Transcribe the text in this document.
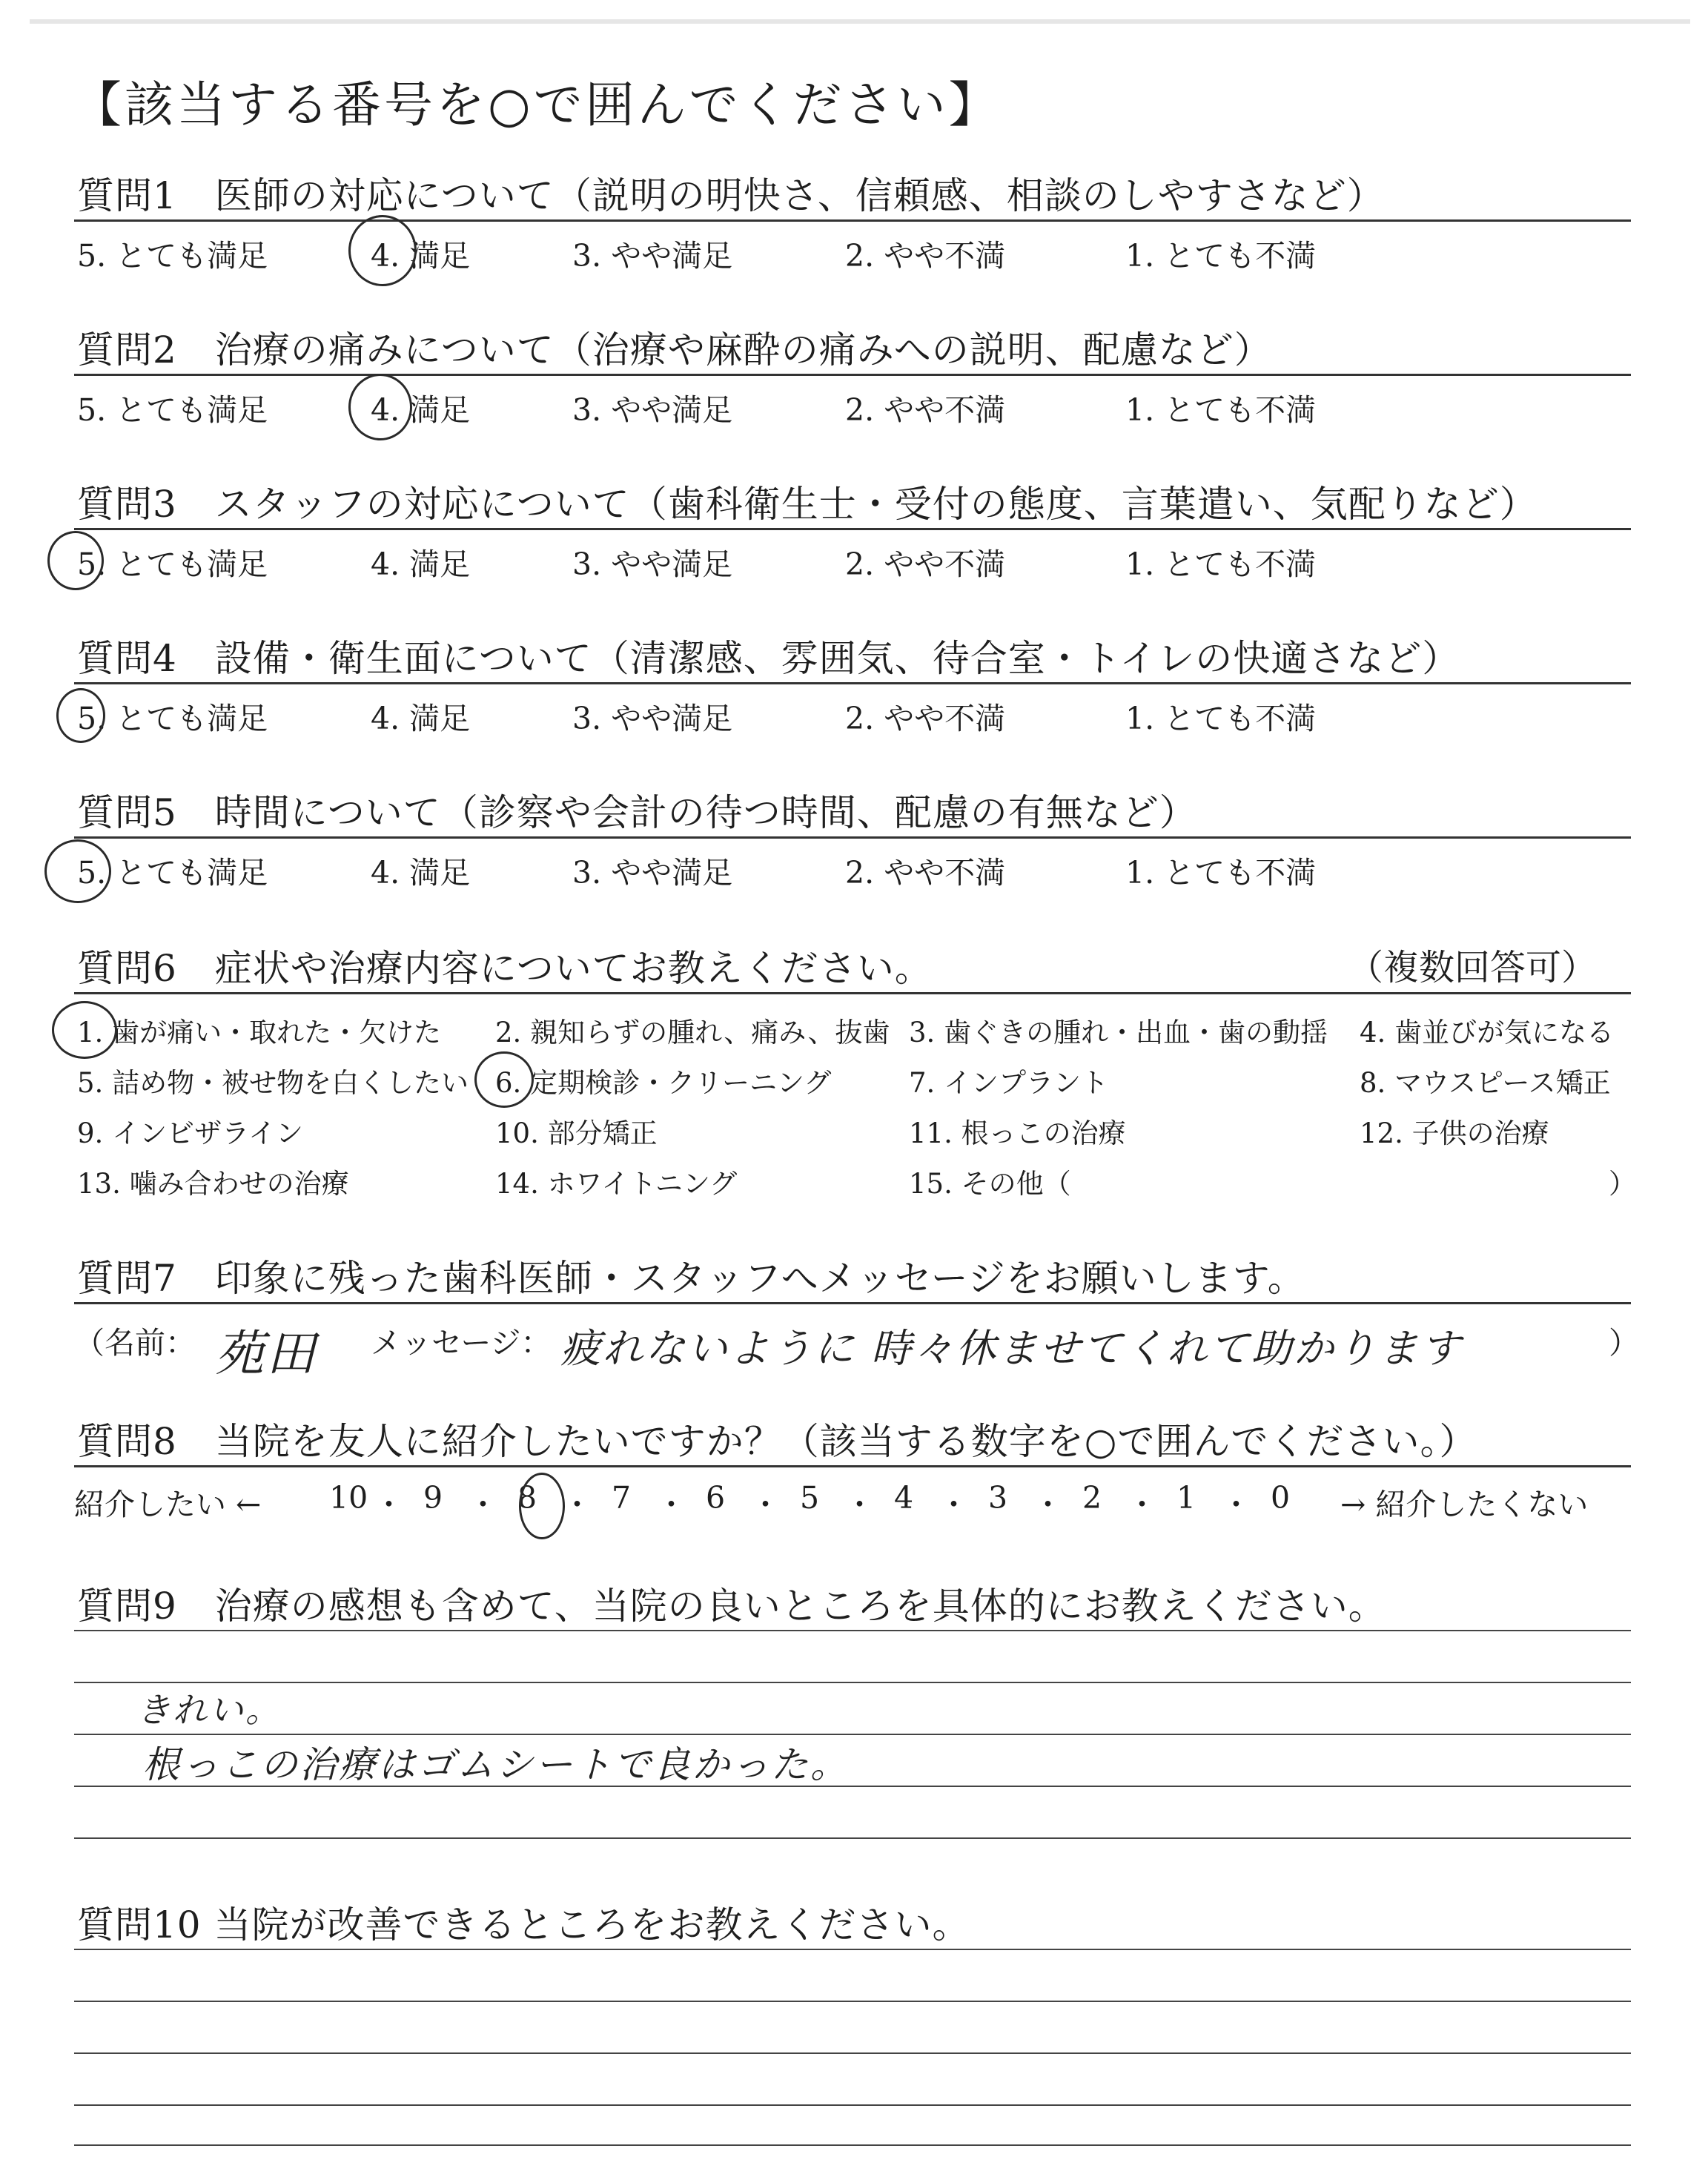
【該当する番号を○で囲んでください】
質問1　医師の対応について（説明の明快さ、信頼感、相談のしやすさなど）
5. とても満足	4. 満足	3. やや満足	2. やや不満	1. とても不満
質問2　治療の痛みについて（治療や麻酔の痛みへの説明、配慮など）
5. とても満足	4. 満足	3. やや満足	2. やや不満	1. とても不満
質問3　スタッフの対応について（歯科衛生士・受付の態度、言葉遣い、気配りなど）
5. とても満足	4. 満足	3. やや満足	2. やや不満	1. とても不満
質問4　設備・衛生面について（清潔感、雰囲気、待合室・トイレの快適さなど）
5. とても満足	4. 満足	3. やや満足	2. やや不満	1. とても不満
質問5　時間について（診察や会計の待つ時間、配慮の有無など）
5. とても満足	4. 満足	3. やや満足	2. やや不満	1. とても不満
質問6　症状や治療内容についてお教えください。	（複数回答可）
1. 歯が痛い・取れた・欠けた 2. 親知らずの腫れ、痛み、抜歯 3. 歯ぐきの腫れ・出血・歯の動揺 4. 歯並びが気になる
5. 詰め物・被せ物を白くしたい 6. 定期検診・クリーニング	7. インプラント	8. マウスピース矯正
9. インビザライン	10. 部分矯正	11. 根っこの治療	12. 子供の治療
13. 噛み合わせの治療	14. ホワイトニング	15. その他（	）
質問7　印象に残った歯科医師・スタッフへメッセージをお願いします。
（名前： 苑田 メッセージ： 疲れないように 時々休ませてくれて助かります	）
質問8　当院を友人に紹介したいですか？（該当する数字を○で囲んでください。）
紹介したい ← 10 ・ 9 ・ 8 ・ 7 ・ 6 ・ 5 ・ 4 ・ 3 ・ 2 ・ 1 ・ 0 → 紹介したくない
質問9　治療の感想も含めて、当院の良いところを具体的にお教えください。
きれい。
根っこの治療はゴムシートで良かった。
質問10 当院が改善できるところをお教えください。
